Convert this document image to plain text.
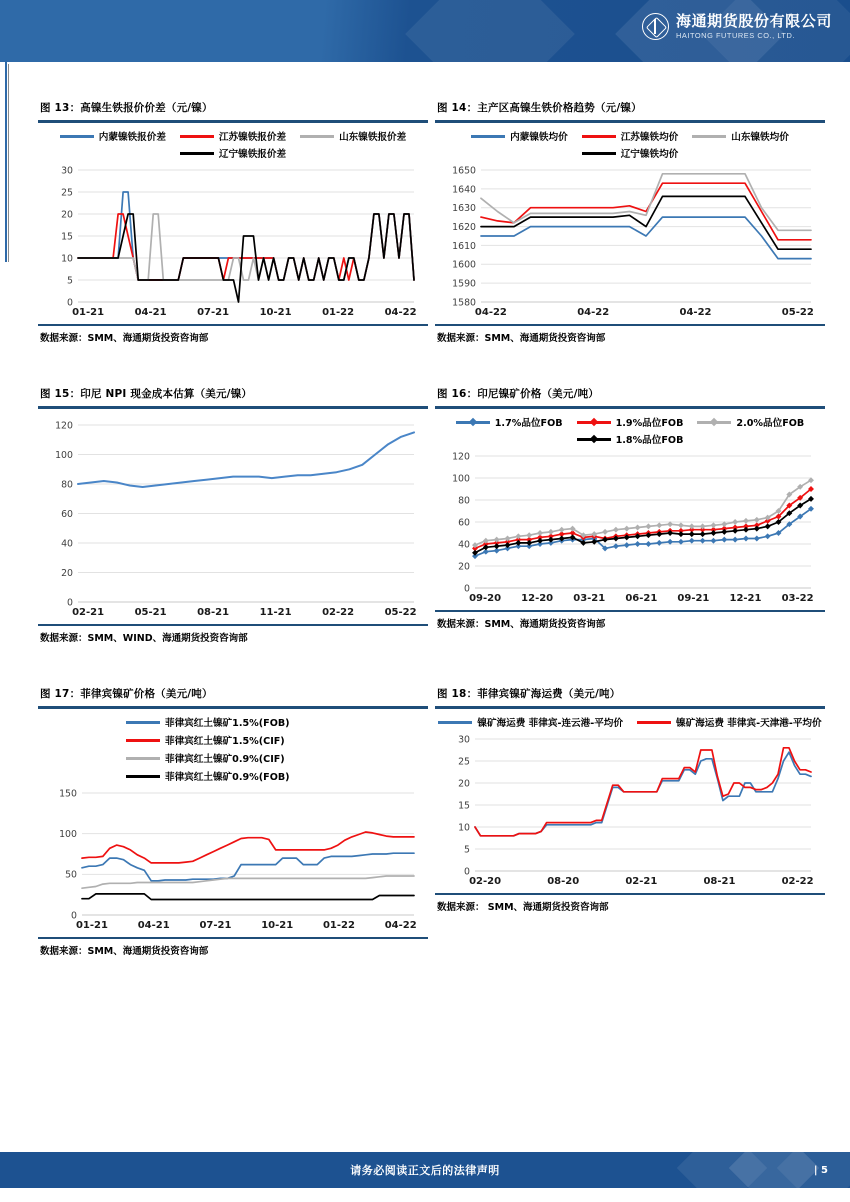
海通期货股份有限公司
HAITONG FUTURES CO., LTD.
图 13：高镍生铁报价价差（元/镍）
内蒙镍铁报价差	江苏镍铁报价差	山东镍铁报价差
辽宁镍铁报价差
0
5
10
15
20
25
30
01-21	04-21	07-21	10-21	01-22	04-22
数据来源：SMM、海通期货投资咨询部
图 14：主产区高镍生铁价格趋势（元/镍）
内蒙镍铁均价	江苏镍铁均价	山东镍铁均价
辽宁镍铁均价
1580
1590
1600
1610
1620
1630
1640
1650
04-22	04-22	04-22	05-22
数据来源：SMM、海通期货投资咨询部
图 15：印尼 NPI 现金成本估算（美元/镍）
0
20
40
60
80
100
120
02-21	05-21	08-21	11-21	02-22	05-22
数据来源：SMM、WIND、海通期货投资咨询部
图 16：印尼镍矿价格（美元/吨）
1.7%品位FOB	1.9%品位FOB	2.0%品位FOB
1.8%品位FOB
0
20
40
60
80
100
120
09-20 12-20 03-21 06-21 09-21 12-21 03-22
数据来源：SMM、海通期货投资咨询部
图 17：菲律宾镍矿价格（美元/吨）
菲律宾红土镍矿1.5%(FOB)
菲律宾红土镍矿1.5%(CIF)
菲律宾红土镍矿0.9%(CIF)
菲律宾红土镍矿0.9%(FOB)
0
50
100
150
01-21	04-21	07-21	10-21	01-22	04-22
数据来源：SMM、海通期货投资咨询部
图 18：菲律宾镍矿海运费（美元/吨）
镍矿海运费 菲律宾-连云港-平均价	镍矿海运费 菲律宾-天津港-平均价
0
5
10
15
20
25
30
02-20	08-20	02-21	08-21	02-22
数据来源： SMM、海通期货投资咨询部
请务必阅读正文后的法律声明	| 5
